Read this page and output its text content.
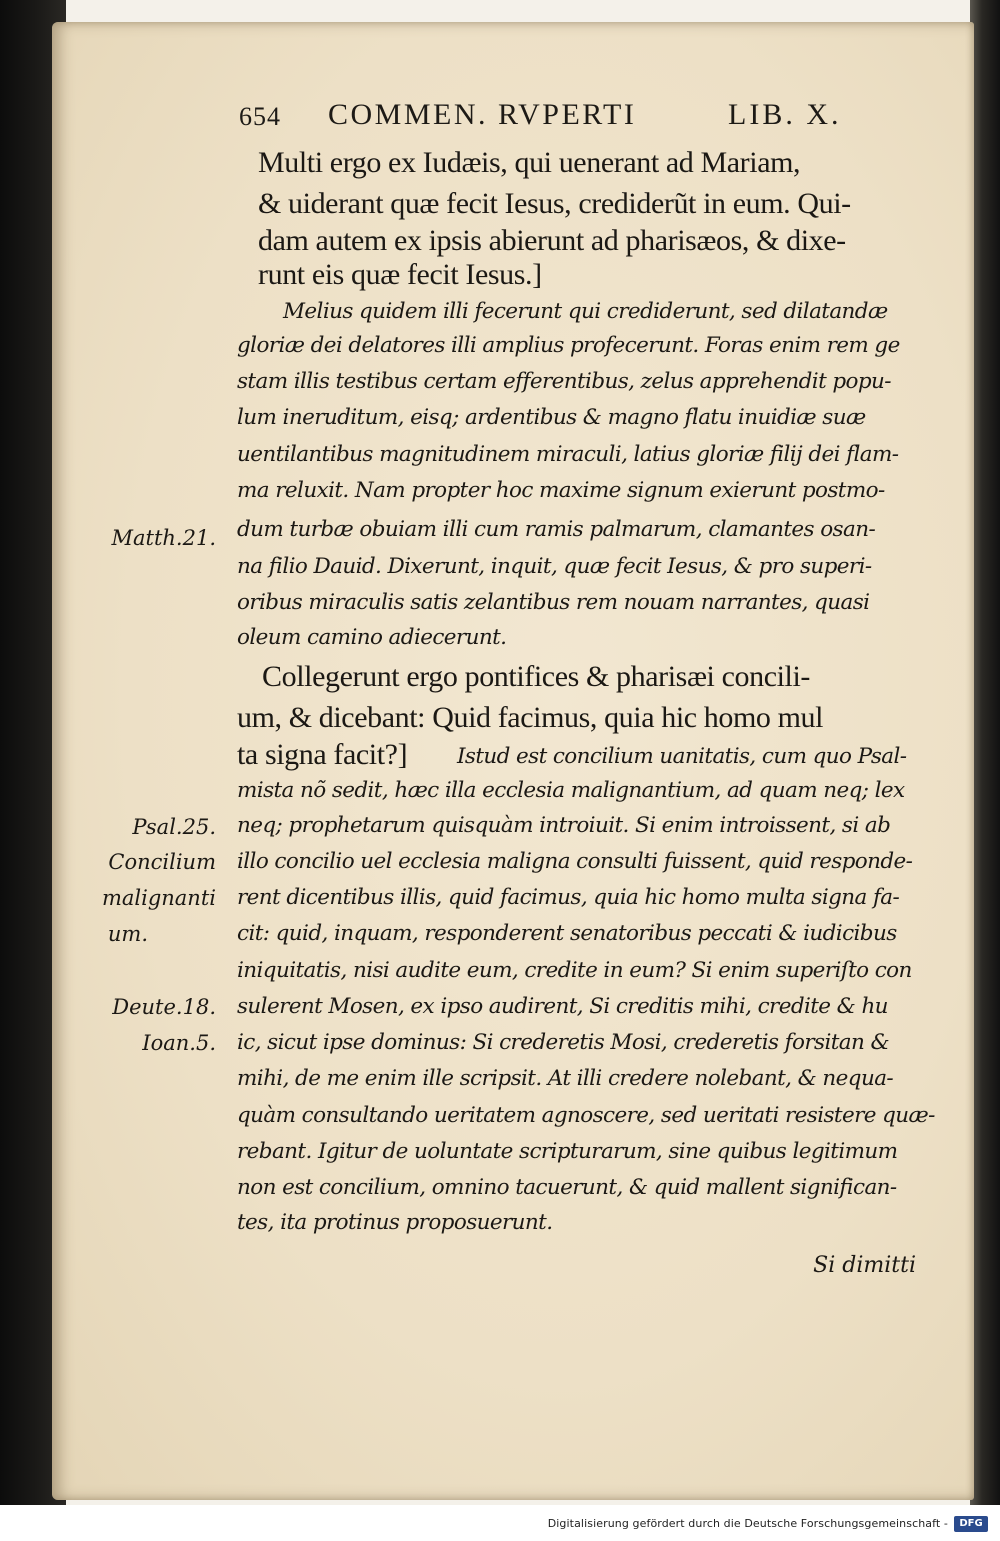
654 COMMEN. RVPERTI	LIB. X.
Multi ergo ex Iudæis, qui uenerant ad Mariam,
& uiderant quæ fecit Iesus, crediderũt in eum. Qui-
dam autem ex ipsis abierunt ad pharisæos, & dixe-
runt eis quæ fecit Iesus.]
Melius quidem illi fecerunt qui crediderunt, sed dilatandæ
gloriæ dei delatores illi amplius profecerunt. Foras enim rem ge
stam illis testibus certam efferentibus, zelus apprehendit popu-
lum ineruditum, eisq; ardentibus & magno flatu inuidiæ suæ
uentilantibus magnitudinem miraculi, latius gloriæ filij dei flam-
ma reluxit. Nam propter hoc maxime signum exierunt postmo-
dum turbæ obuiam illi cum ramis palmarum, clamantes osan-
na filio Dauid. Dixerunt, inquit, quæ fecit Iesus, & pro superi-
oribus miraculis satis zelantibus rem nouam narrantes, quasi
oleum camino adiecerunt.
Collegerunt ergo pontifices & pharisæi concili-
um, & dicebant: Quid facimus, quia hic homo mul
ta signa facit?] Istud est concilium uanitatis, cum quo Psal-
mista nõ sedit, hæc illa ecclesia malignantium, ad quam neq; lex
neq; prophetarum quisquàm introiuit. Si enim introissent, si ab
illo concilio uel ecclesia maligna consulti fuissent, quid responde-
rent dicentibus illis, quid facimus, quia hic homo multa signa fa-
cit: quid, inquam, responderent senatoribus peccati & iudicibus
iniquitatis, nisi audite eum, credite in eum? Si enim superiſto con
sulerent Mosen, ex ipso audirent, Si creditis mihi, credite & hu
ic, sicut ipse dominus: Si crederetis Mosi, crederetis forsitan &
mihi, de me enim ille scripsit. At illi credere nolebant, & nequa-
quàm consultando ueritatem agnoscere, sed ueritati resistere quæ-
rebant. Igitur de uoluntate scripturarum, sine quibus legitimum
non est concilium, omnino tacuerunt, & quid mallent significan-
tes, ita protinus proposuerunt.
Matth.21.
Psal.25.
Concilium
malignanti
um.
Deute.18.
Ioan.5.
Si dimitti
Digitalisierung gefördert durch die Deutsche Forschungsgemeinschaft -	DFG
